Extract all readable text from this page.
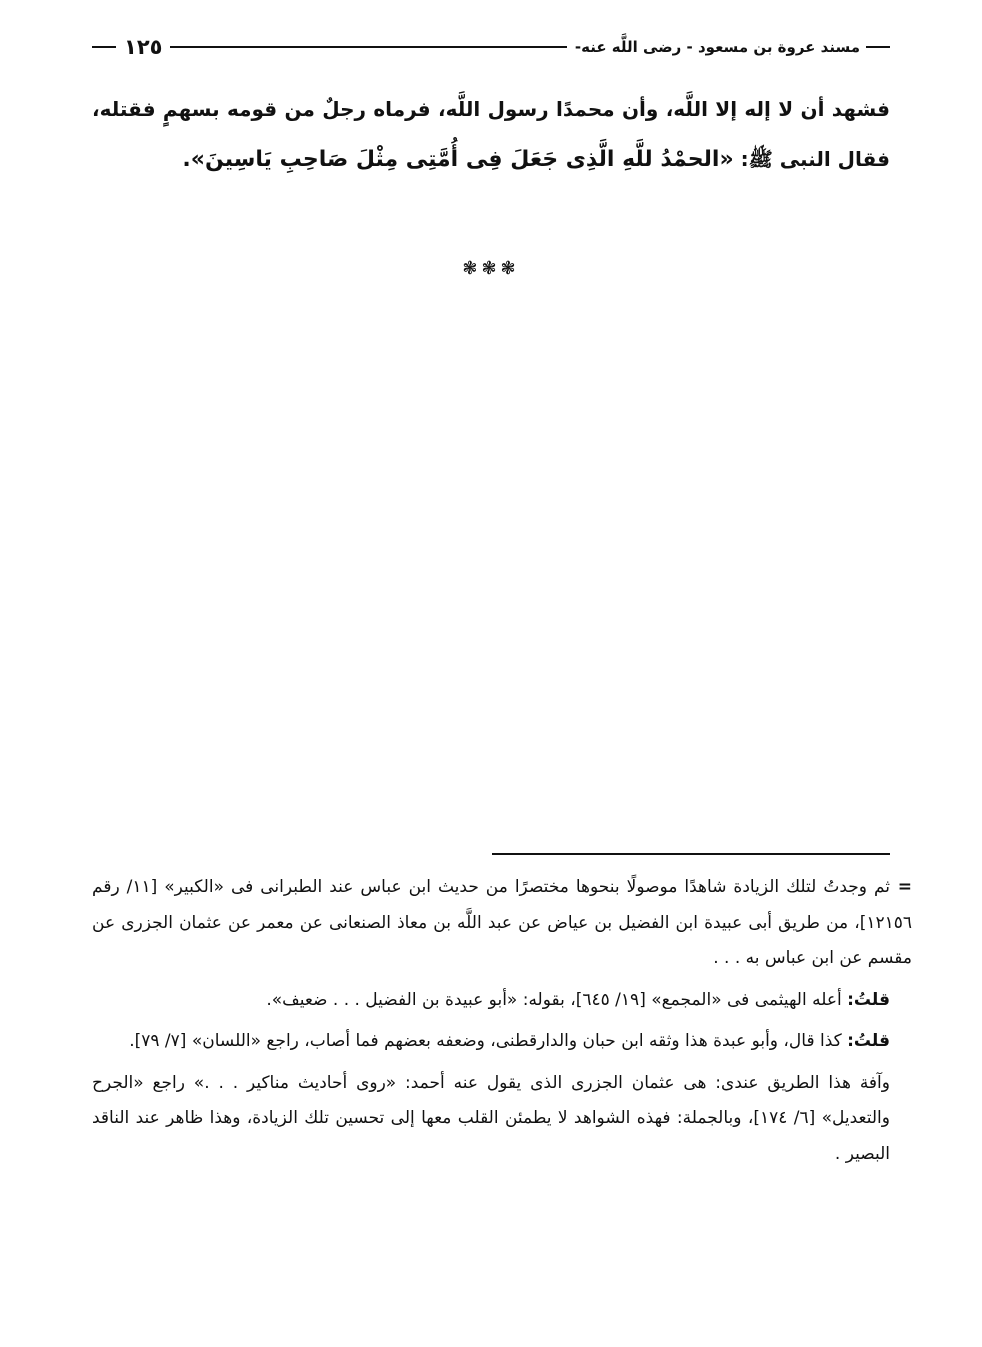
مسند عروة بن مسعود - رضى اللَّه عنه-
١٢٥

فشهد أن لا إله إلا اللَّه، وأن محمدًا رسول اللَّه، فرماه رجلٌ من قومه بسهمٍ فقتله، فقال النبى ﷺ: «الحمْدُ للَّهِ الَّذِى جَعَلَ فِى أُمَّتِى مِثْلَ صَاحِبِ يَاسِينَ».

❃❃❃

=ثم وجدتُ لتلك الزيادة شاهدًا موصولًا بنحوها مختصرًا من حديث ابن عباس عند الطبرانى فى «الكبير» [١١/ رقم ١٢١٥٦]، من طريق أبى عبيدة ابن الفضيل بن عياض عن عبد اللَّه بن معاذ الصنعانى عن معمر عن عثمان الجزرى عن مقسم عن ابن عباس به . . .

قلتُ: أعله الهيثمى فى «المجمع» [١٩/ ٦٤٥]، بقوله: «أبو عبيدة بن الفضيل . . . ضعيف».

قلتُ: كذا قال، وأبو عبدة هذا وثقه ابن حبان والدارقطنى، وضعفه بعضهم فما أصاب، راجع «اللسان» [٧/ ٧٩].

وآفة هذا الطريق عندى: هى عثمان الجزرى الذى يقول عنه أحمد: «روى أحاديث مناكير . . .» راجع «الجرح والتعديل» [٦/ ١٧٤]، وبالجملة: فهذه الشواهد لا يطمئن القلب معها إلى تحسين تلك الزيادة، وهذا ظاهر عند الناقد البصير .
